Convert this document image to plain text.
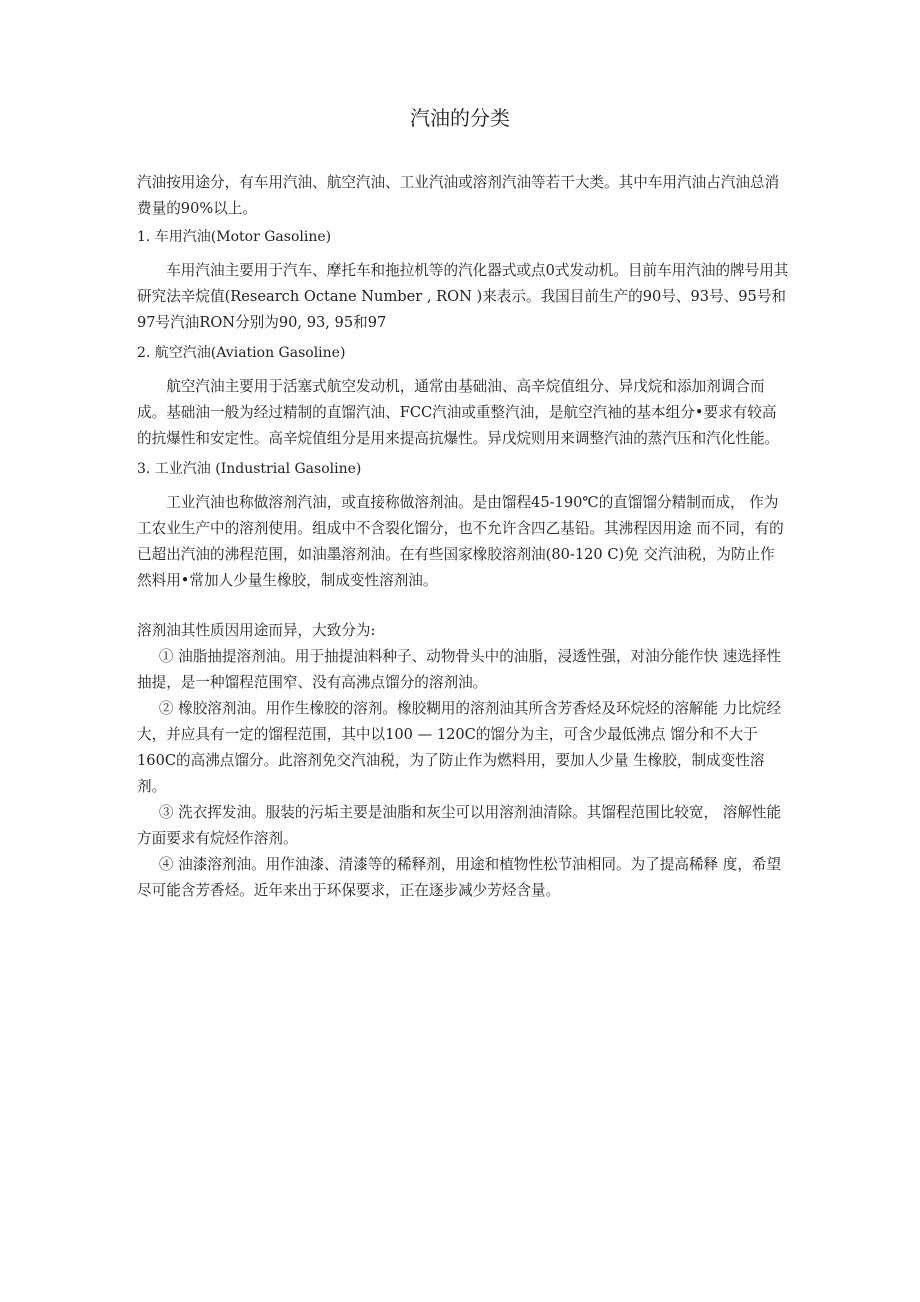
汽油的分类

汽油按用途分，有车用汽油、航空汽油、工业汽油或溶剂汽油等若干大类。其中车用汽油占汽油总消费量的90%以上。

1. 车用汽油(Motor Gasoline)

车用汽油主要用于汽车、摩托车和拖拉机等的汽化器式或点0式发动机。目前车用汽油的牌号用其研究法辛烷值(Research Octane Number , RON )来表示。我国目前生产的90号、93号、95号和97号汽油RON分别为90, 93, 95和97

2. 航空汽油(Aviation Gasoline)

航空汽油主要用于活塞式航空发动机，通常由基础油、高辛烷值组分、异戊烷和添加剂调合而成。基础油一般为经过精制的直馏汽油、FCC汽油或重整汽油，是航空汽袖的基本组分•要求有较高的抗爆性和安定性。高辛烷值组分是用来提高抗爆性。异戊烷则用来调整汽油的蒸汽压和汽化性能。

3. 工业汽油 (Industrial Gasoline)

工业汽油也称做溶剂汽油，或直接称做溶剂油。是由馏程45-190℃的直馏馏分精制而成， 作为工农业生产中的溶剂使用。组成中不含裂化馏分，也不允许含四乙基铅。其沸程因用途 而不同，有的已超出汽油的沸程范围，如油墨溶剂油。在有些国家橡胶溶剂油(80-120 C)免 交汽油税，为防止作然料用•常加人少量生橡胶，制成变性溶剂油。

溶剂油其性质因用途而异，大致分为:

① 油脂抽提溶剂油。用于抽提油料种子、动物骨头中的油脂，浸透性强，对油分能作快 速选择性抽提，是一种馏程范围窄、没有高沸点馏分的溶剂油。

② 橡胶溶剂油。用作生橡胶的溶剂。橡胶糊用的溶剂油其所含芳香烃及环烷烃的溶解能 力比烷经大，并应具有一定的馏程范围，其中以100 — 120C的馏分为主，可含少最低沸点 馏分和不大于160C的高沸点馏分。此溶剂免交汽油税，为了防止作为燃料用，要加人少量 生橡胶，制成变性溶剂。

③ 洗衣挥发油。服装的污垢主要是油脂和灰尘可以用溶剂油清除。其馏程范围比较宽， 溶解性能方面要求有烷烃作溶剂。

④ 油漆溶剂油。用作油漆、清漆等的稀释剂，用途和植物性松节油相同。为了提高稀释 度，希望尽可能含芳香烃。近年来出于环保要求，正在逐步减少芳烃含量。
